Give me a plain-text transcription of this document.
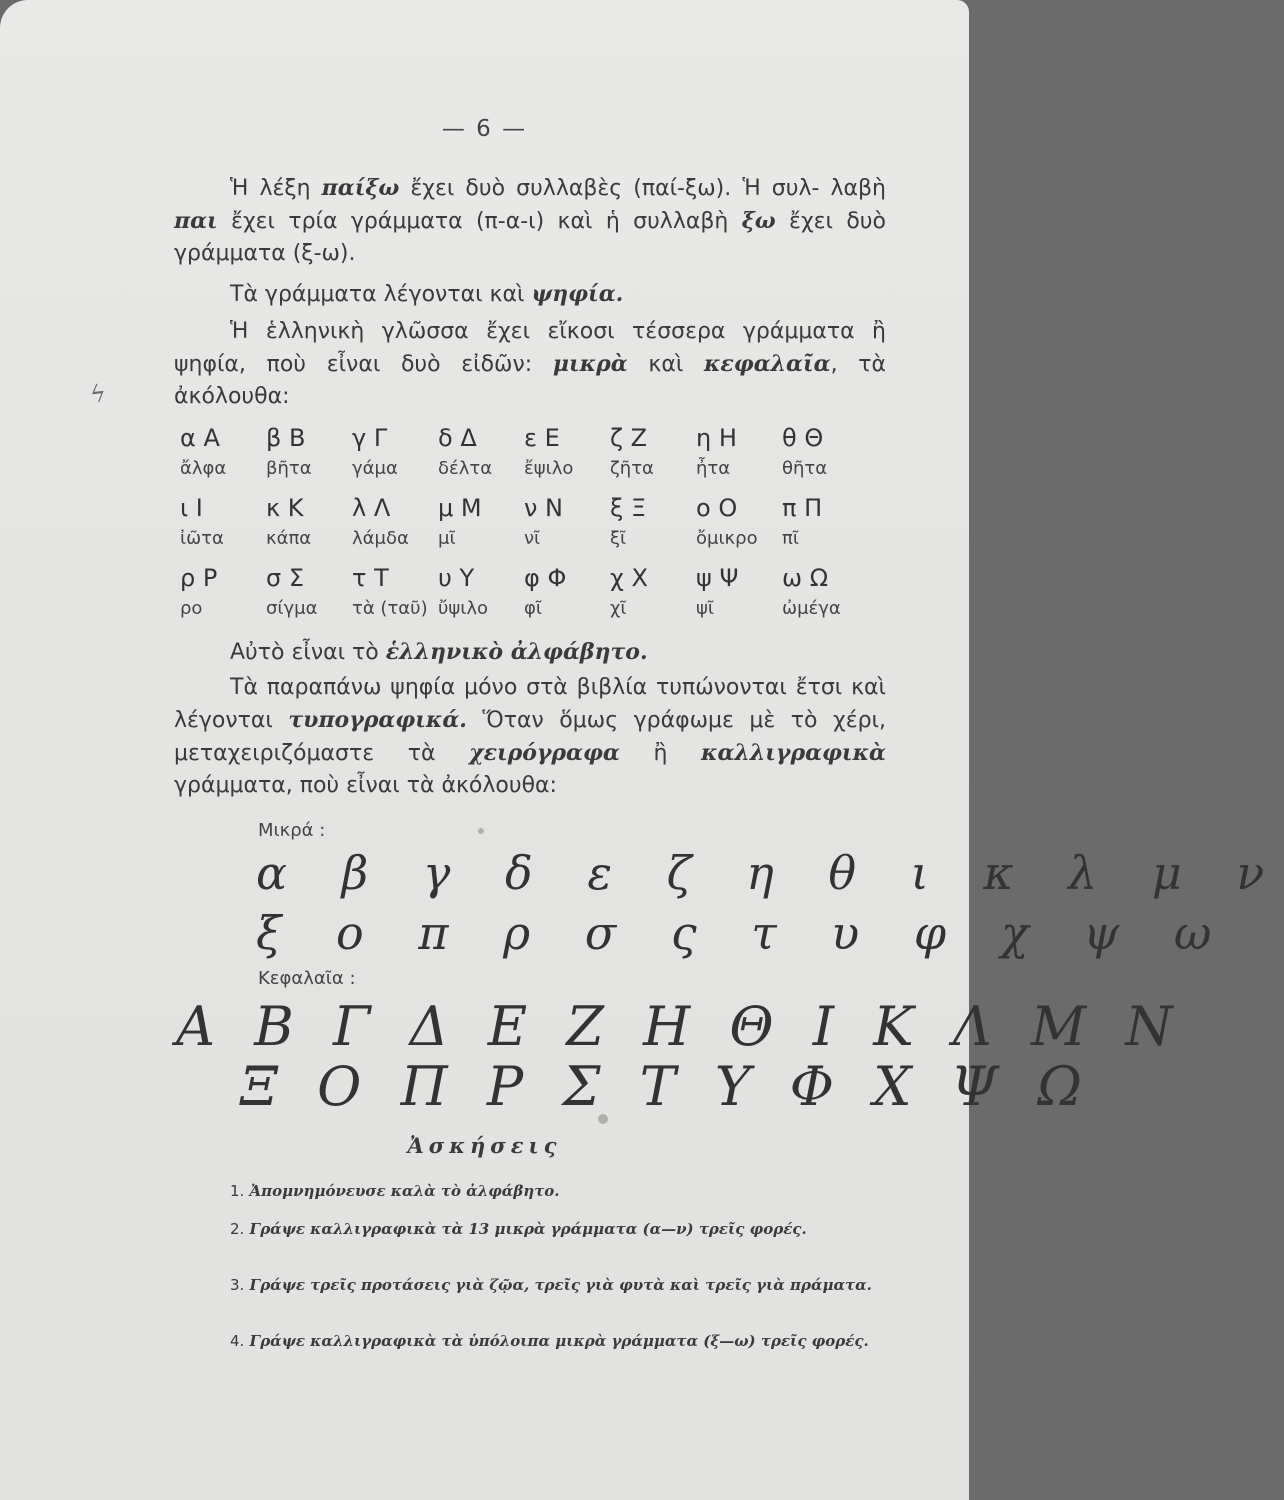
— 6 —
Ἡ λέξη παίξω ἔχει δυὸ συλλαβὲς (παί-ξω). Ἡ συλ- λαβὴ παι ἔχει τρία γράμματα (π-α-ι) καὶ ἡ συλλαβὴ ξω ἔχει δυὸ γράμματα (ξ-ω).
Τὰ γράμματα λέγονται καὶ ψηφία.
Ἡ ἑλληνικὴ γλῶσσα ἔχει εἴκοσι τέσσερα γράμματα ἢ ψηφία, ποὺ εἶναι δυὸ εἰδῶν: μικρὰ καὶ κεφαλαῖα, τὰ ἀκόλουθα:
ϟ
α Α
ἄλφα
β Β
βῆτα
γ Γ
γάμα
δ Δ
δέλτα
ε Ε
ἔψιλο
ζ Ζ
ζῆτα
η Η
ἦτα
θ Θ
θῆτα
ι Ι
ἰῶτα
κ Κ
κάπα
λ Λ
λάμδα
μ Μ
μῖ
ν Ν
νῖ
ξ Ξ
ξῖ
ο Ο
ὄμικρο
π Π
πῖ
ρ Ρ
ρο
σ Σ
σίγμα
τ Τ
τὰ (ταῦ)
υ Υ
ὔψιλο
φ Φ
φῖ
χ Χ
χῖ
ψ Ψ
ψῖ
ω Ω
ὠμέγα
Αὐτὸ εἶναι τὸ ἑλληνικὸ ἀλφάβητο.
Τὰ παραπάνω ψηφία μόνο στὰ βιβλία τυπώνονται ἔτσι καὶ λέγονται τυπογραφικά. Ὅταν ὅμως γράφωμε μὲ τὸ χέρι, μεταχειριζόμαστε τὰ χειρόγραφα ἢ καλλιγραφικὰ γράμματα, ποὺ εἶναι τὰ ἀκόλουθα:
Μικρά :
α β γ δ ε ζ η θ ι κ λ μ ν
ξ ο π ρ σ ς τ υ φ χ ψ ω
Κεφαλαῖα :
Α Β Γ Δ Ε Ζ Η Θ Ι Κ Λ Μ Ν
Ξ Ο Π Ρ Σ Τ Υ Φ Χ Ψ Ω
Ἀσκήσεις
1. Ἀπομνημόνευσε καλὰ τὸ ἀλφάβητο.
2. Γράψε καλλιγραφικὰ τὰ 13 μικρὰ γράμματα (α—ν) τρεῖς φορές.
3. Γράψε τρεῖς προτάσεις γιὰ ζῷα, τρεῖς γιὰ φυτὰ καὶ τρεῖς γιὰ πράματα.
4. Γράψε καλλιγραφικὰ τὰ ὑπόλοιπα μικρὰ γράμματα (ξ—ω) τρεῖς φορές.
